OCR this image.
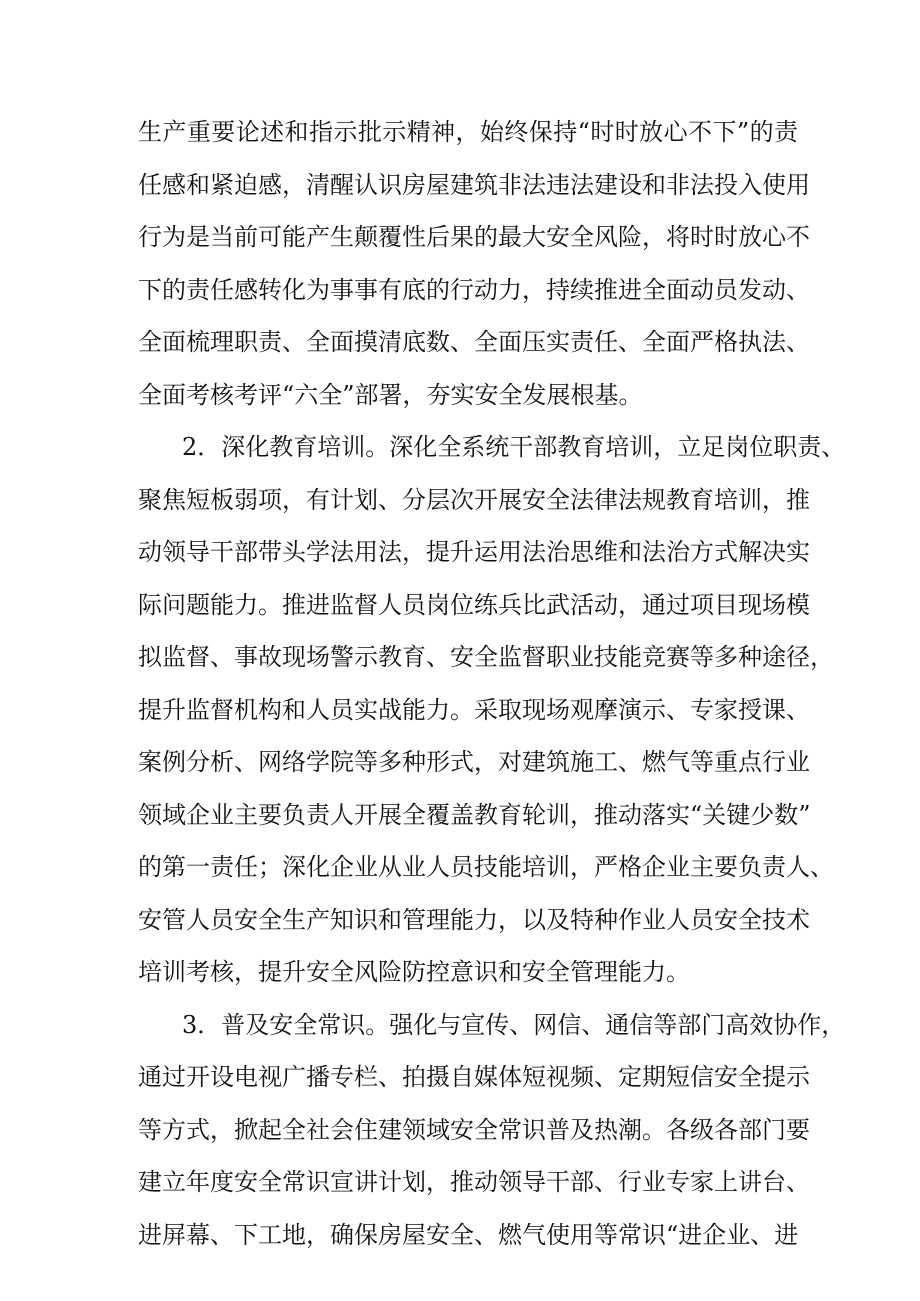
生产重要论述和指示批示精神，始终保持“时时放心不下”的责
任感和紧迫感，清醒认识房屋建筑非法违法建设和非法投入使用
行为是当前可能产生颠覆性后果的最大安全风险，将时时放心不
下的责任感转化为事事有底的行动力，持续推进全面动员发动、
全面梳理职责、全面摸清底数、全面压实责任、全面严格执法、
全面考核考评“六全”部署，夯实安全发展根基。
2．深化教育培训。深化全系统干部教育培训，立足岗位职责、
聚焦短板弱项，有计划、分层次开展安全法律法规教育培训，推
动领导干部带头学法用法，提升运用法治思维和法治方式解决实
际问题能力。推进监督人员岗位练兵比武活动，通过项目现场模
拟监督、事故现场警示教育、安全监督职业技能竞赛等多种途径，
提升监督机构和人员实战能力。采取现场观摩演示、专家授课、
案例分析、网络学院等多种形式，对建筑施工、燃气等重点行业
领域企业主要负责人开展全覆盖教育轮训，推动落实“关键少数”
的第一责任；深化企业从业人员技能培训，严格企业主要负责人、
安管人员安全生产知识和管理能力，以及特种作业人员安全技术
培训考核，提升安全风险防控意识和安全管理能力。
3．普及安全常识。强化与宣传、网信、通信等部门高效协作，
通过开设电视广播专栏、拍摄自媒体短视频、定期短信安全提示
等方式，掀起全社会住建领域安全常识普及热潮。各级各部门要
建立年度安全常识宣讲计划，推动领导干部、行业专家上讲台、
进屏幕、下工地，确保房屋安全、燃气使用等常识“进企业、进
